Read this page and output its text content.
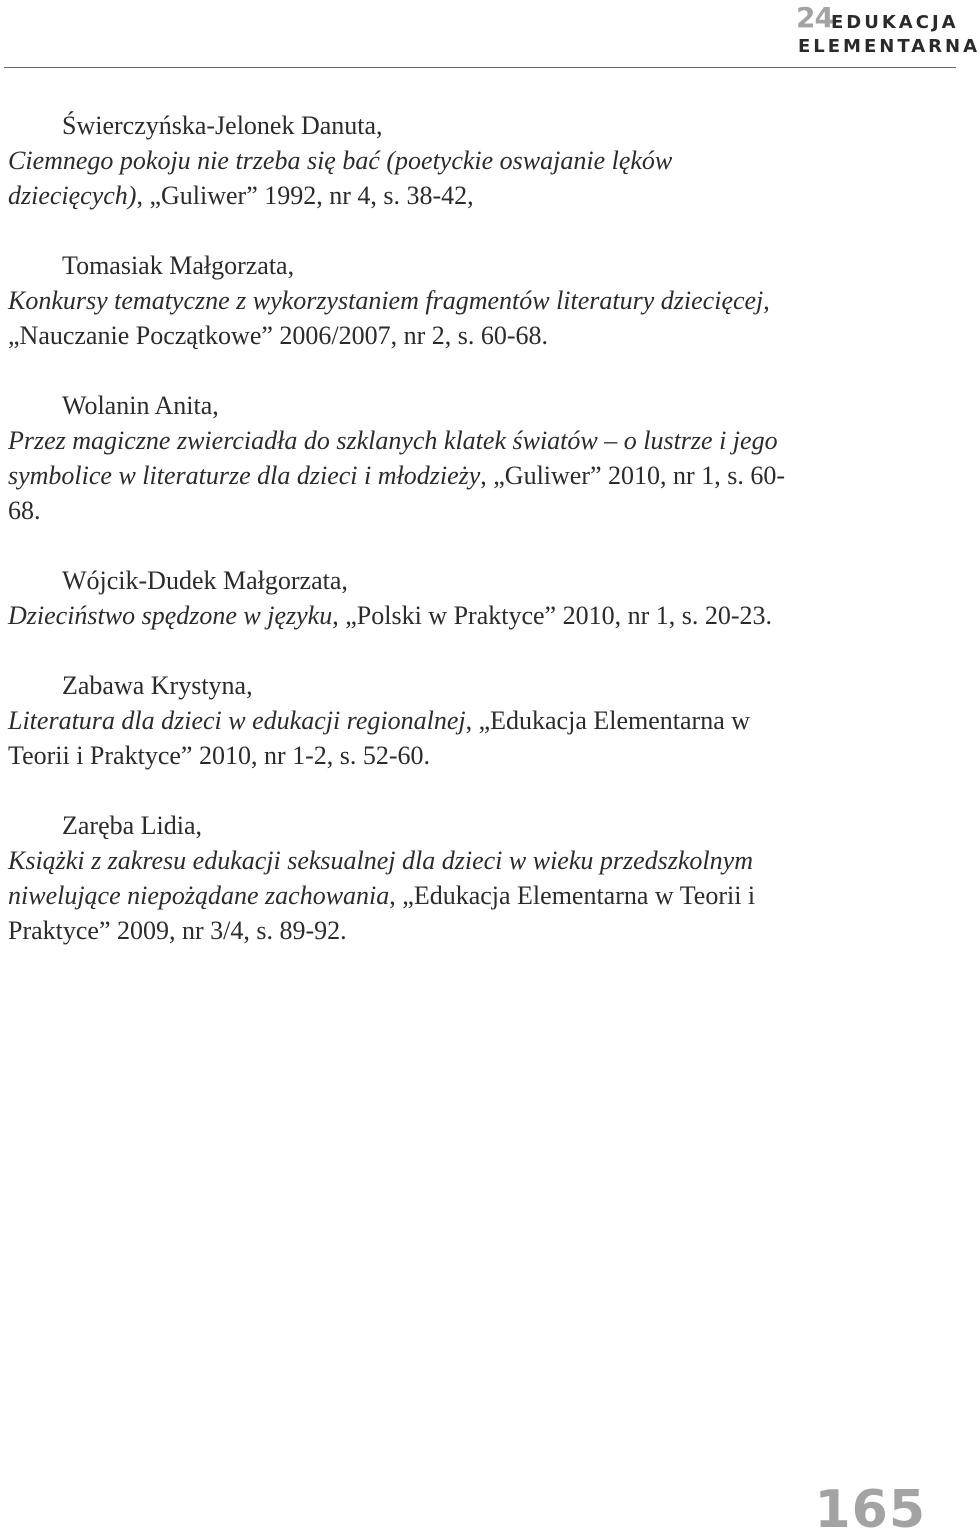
24
EDUKACJA
ELEMENTARNA

Świerczyńska-Jelonek Danuta,
Ciemnego pokoju nie trzeba się bać (poetyckie oswajanie lęków dziecięcych), „Guliwer” 1992, nr 4, s. 38-42,

Tomasiak Małgorzata,
Konkursy tematyczne z wykorzystaniem fragmentów literatury dziecięcej, „Nauczanie Początkowe” 2006/2007, nr 2, s. 60-68.

Wolanin Anita,
Przez magiczne zwierciadła do szklanych klatek światów – o lustrze i jego symbolice w literaturze dla dzieci i młodzieży, „Guliwer” 2010, nr 1, s. 60-68.

Wójcik-Dudek Małgorzata,
Dzieciństwo spędzone w języku, „Polski w Praktyce” 2010, nr 1, s. 20-23.

Zabawa Krystyna,
Literatura dla dzieci w edukacji regionalnej, „Edukacja Elementarna w Teorii i Praktyce” 2010, nr 1-2, s. 52-60.

Zaręba Lidia,
Książki z zakresu edukacji seksualnej dla dzieci w wieku przedszkolnym niwelujące niepożądane zachowania, „Edukacja Elementarna w Teorii i Praktyce” 2009, nr 3/4, s. 89-92.

165
